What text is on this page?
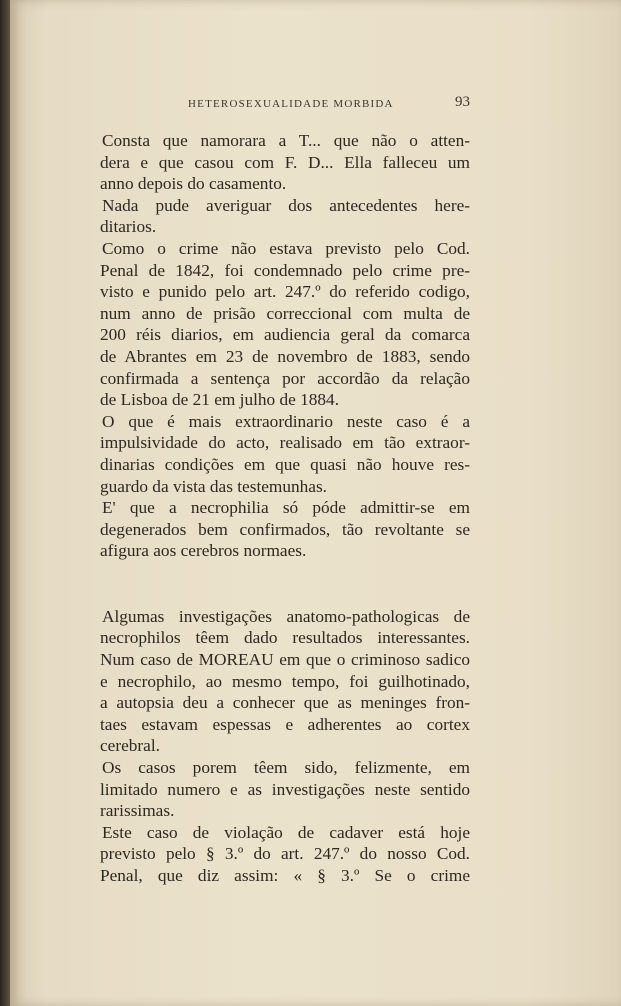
HETEROSEXUALIDADE MORBIDA	93

Consta que namorara a T... que não o atten-

dera e que casou com F. D... Ella falleceu um

anno depois do casamento.

Nada pude averiguar dos antecedentes here-

ditarios.

Como o crime não estava previsto pelo Cod.

Penal de 1842, foi condemnado pelo crime pre-

visto e punido pelo art. 247.º do referido codigo,

num anno de prisão correccional com multa de

200 réis diarios, em audiencia geral da comarca

de Abrantes em 23 de novembro de 1883, sendo

confirmada a sentença por accordão da relação

de Lisboa de 21 em julho de 1884.

O que é mais extraordinario neste caso é a

impulsividade do acto, realisado em tão extraor-

dinarias condições em que quasi não houve res-

guardo da vista das testemunhas.

E' que a necrophilia só póde admittir-se em

degenerados bem confirmados, tão revoltante se

afigura aos cerebros normaes.

Algumas investigações anatomo-pathologicas de

necrophilos têem dado resultados interessantes.

Num caso de MOREAU em que o criminoso sadico

e necrophilo, ao mesmo tempo, foi guilhotinado,

a autopsia deu a conhecer que as meninges fron-

taes estavam espessas e adherentes ao cortex

cerebral.

Os casos porem têem sido, felizmente, em

limitado numero e as investigações neste sentido

rarissimas.

Este caso de violação de cadaver está hoje

previsto pelo § 3.º do art. 247.º do nosso Cod.

Penal, que diz assim: « § 3.º Se o crime
